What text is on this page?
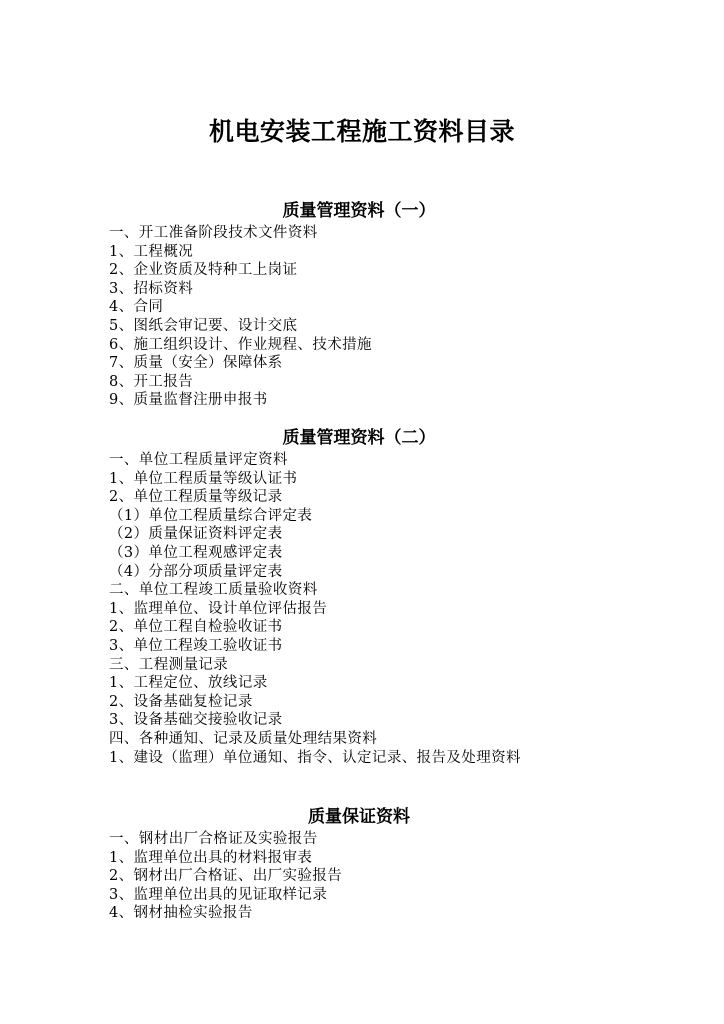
机电安装工程施工资料目录
质量管理资料（一）
一、开工准备阶段技术文件资料
1、工程概况
2、企业资质及特种工上岗证
3、招标资料
4、合同
5、图纸会审记要、设计交底
6、施工组织设计、作业规程、技术措施
7、质量（安全）保障体系
8、开工报告
9、质量监督注册申报书
质量管理资料（二）
一、单位工程质量评定资料
1、单位工程质量等级认证书
2、单位工程质量等级记录
（1）单位工程质量综合评定表
（2）质量保证资料评定表
（3）单位工程观感评定表
（4）分部分项质量评定表
二、单位工程竣工质量验收资料
1、监理单位、设计单位评估报告
2、单位工程自检验收证书
3、单位工程竣工验收证书
三、工程测量记录
1、工程定位、放线记录
2、设备基础复检记录
3、设备基础交接验收记录
四、各种通知、记录及质量处理结果资料
1、建设（监理）单位通知、指令、认定记录、报告及处理资料
质量保证资料
一、钢材出厂合格证及实验报告
1、监理单位出具的材料报审表
2、钢材出厂合格证、出厂实验报告
3、监理单位出具的见证取样记录
4、钢材抽检实验报告
